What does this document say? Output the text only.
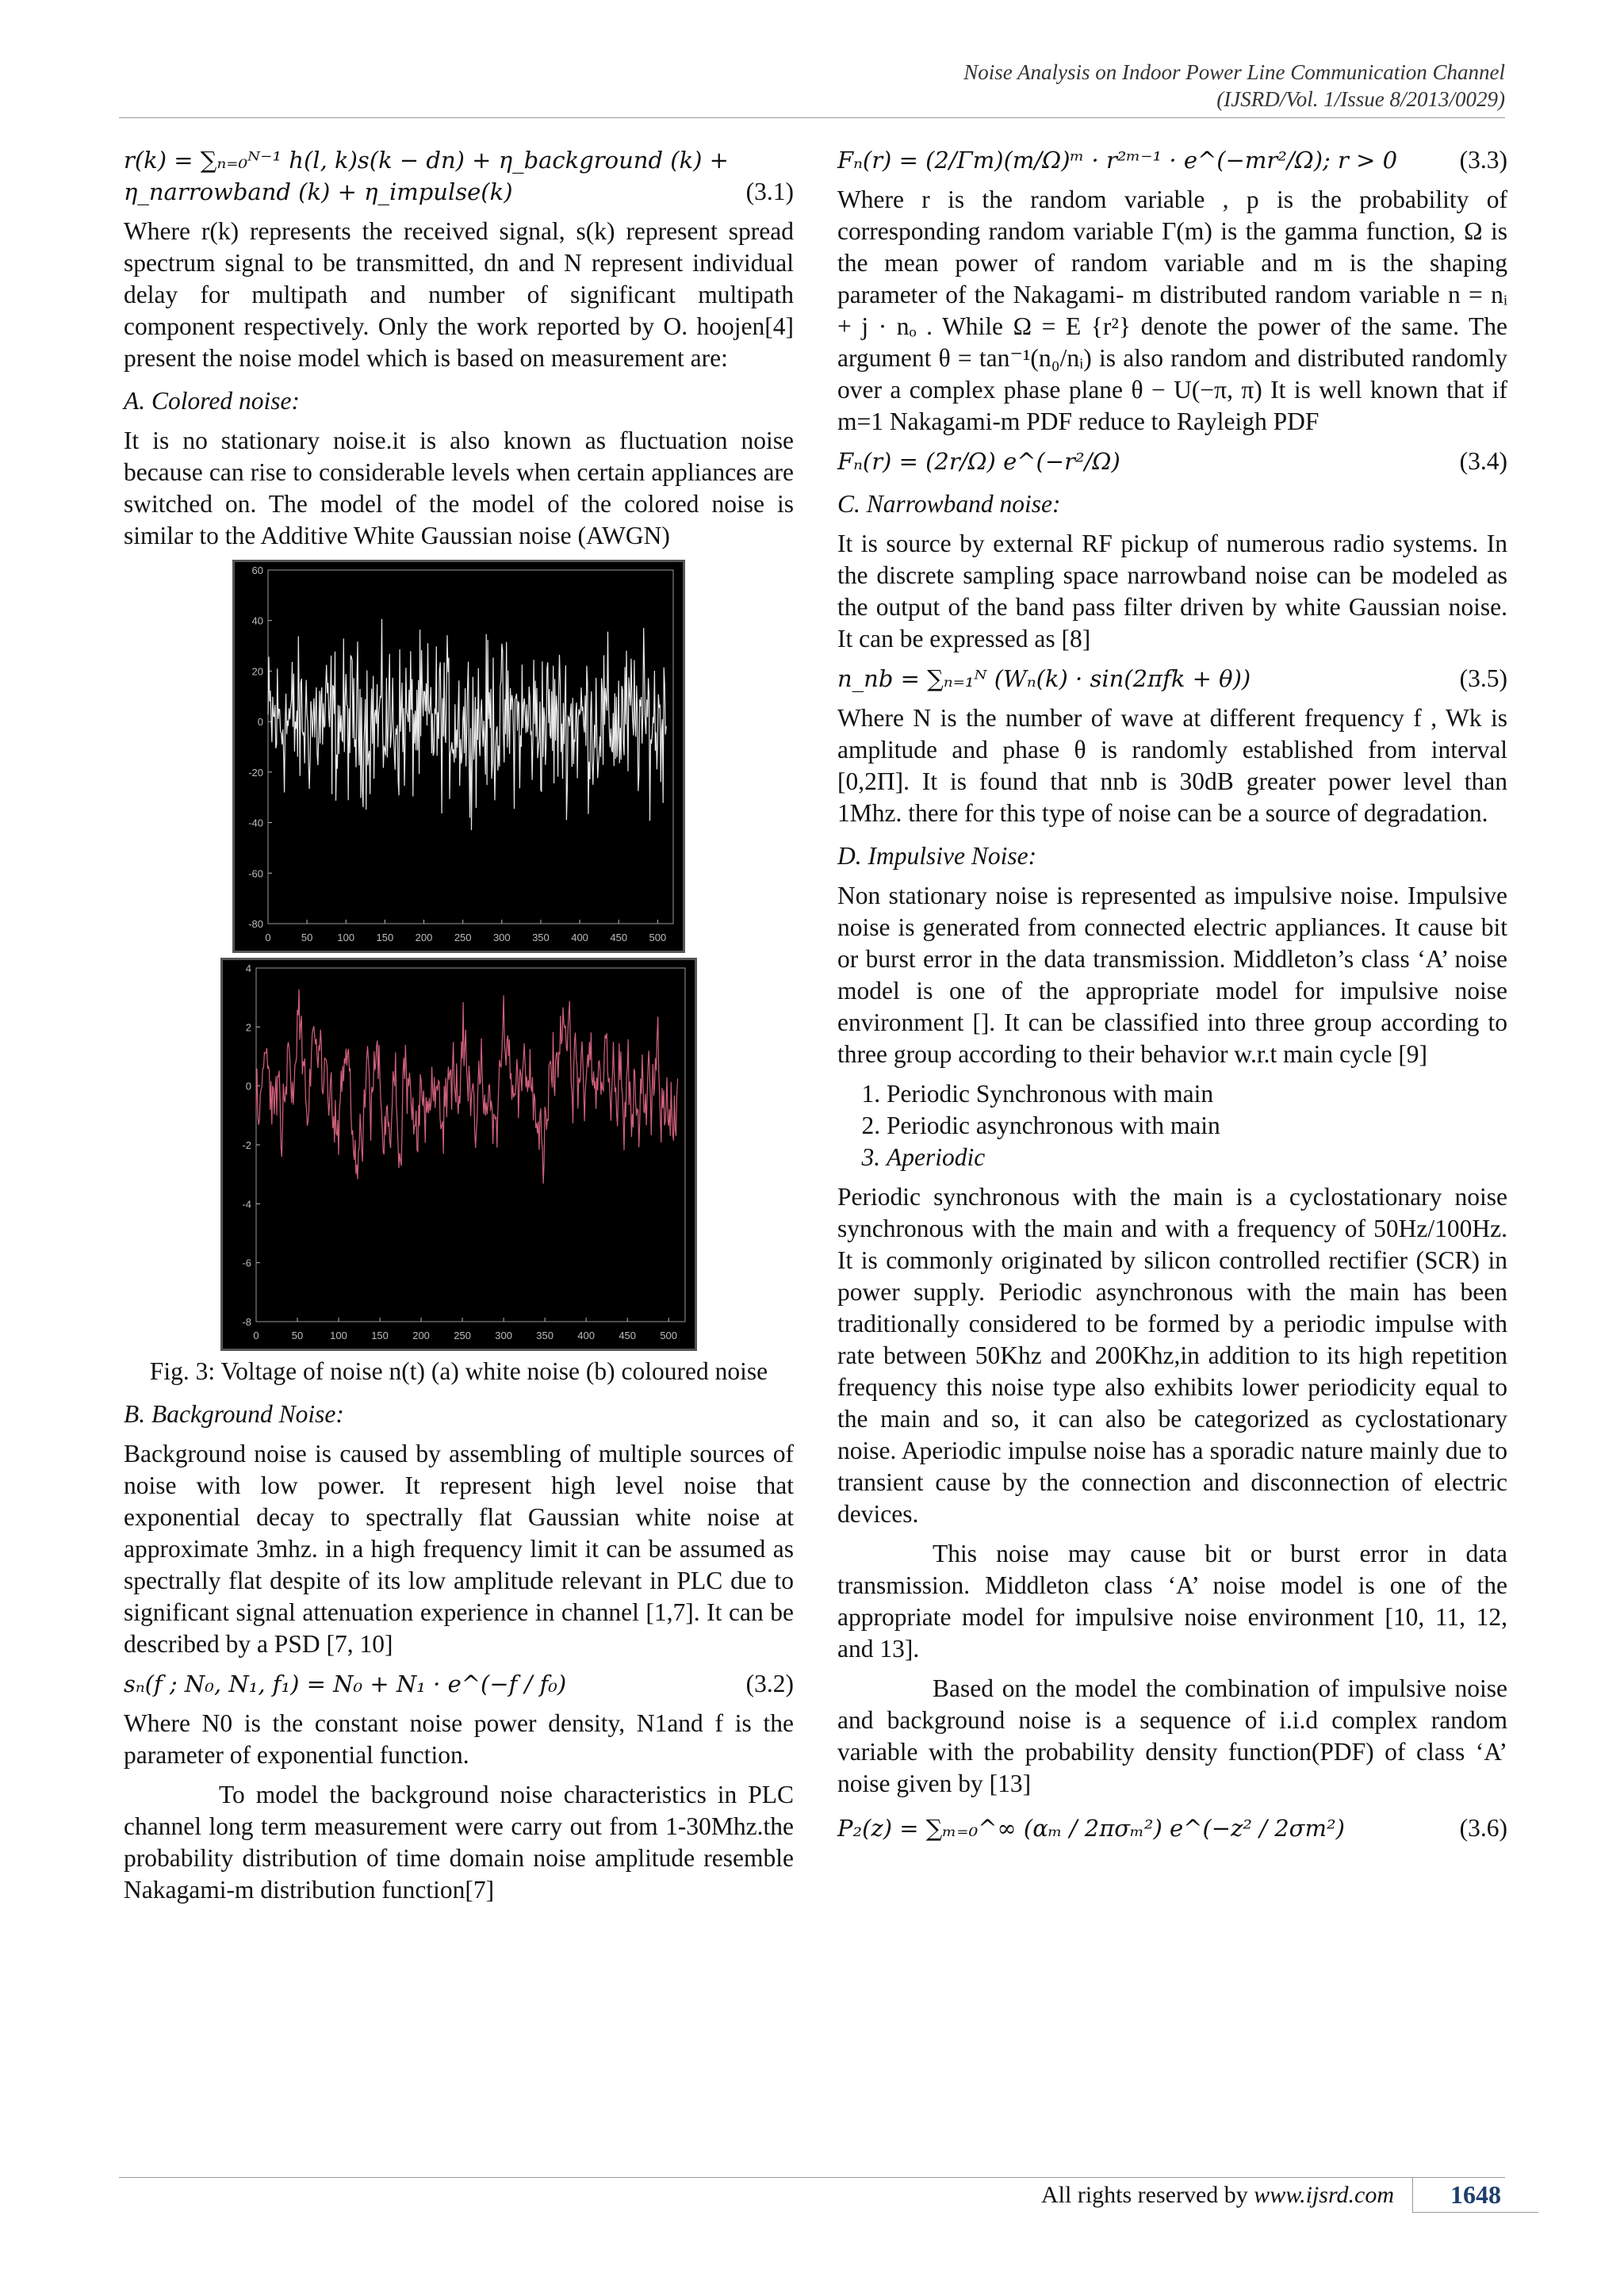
Noise Analysis on Indoor Power Line Communication Channel
(IJSRD/Vol. 1/Issue 8/2013/0029)
r(k) = ∑ₙ₌₀ᴺ⁻¹ h(l, k)s(k − dn) + η_background (k) +
η_narrowband (k) + η_impulse(k)	(3.1)

Where r(k) represents the received signal, s(k) represent spread spectrum signal to be transmitted, dn and N represent individual delay for multipath and number of significant multipath component respectively. Only the work reported by O. hoojen[4] present the noise model which is based on measurement are:

A. Colored noise:

It is no stationary noise.it is also known as fluctuation noise because can rise to considerable levels when certain appliances are switched on. The model of the model of the colored noise is similar to the Additive White Gaussian noise (AWGN)

60
40
20
0
-20
-40
-60
-80
0	50 100 150 200 250 300 350 400 450 500
4
2
0
-2
-4
-6
-8
0	50	100 150 200 250 300 350 400 450 500
Fig. 3: Voltage of noise n(t) (a) white noise (b) coloured noise
B. Background Noise:

Background noise is caused by assembling of multiple sources of noise with low power. It represent high level noise that exponential decay to spectrally flat Gaussian white noise at approximate 3mhz. in a high frequency limit it can be assumed as spectrally flat despite of its low amplitude relevant in PLC due to significant signal attenuation experience in channel [1,7]. It can be described by a PSD [7, 10]

sₙ(f ; N₀, N₁, f₁) = N₀ + N₁ · e^(−f / f₀)	(3.2)

Where N0 is the constant noise power density, N1and f is the parameter of exponential function.

To model the background noise characteristics in PLC channel long term measurement were carry out from 1-30Mhz.the probability distribution of time domain noise amplitude resemble Nakagami-m distribution function[7]

Fₙ(r) = (2/Γm)(m/Ω)ᵐ · r²ᵐ⁻¹ · e^(−mr²/Ω); r > 0 (3.3)

Where r is the random variable , p is the probability of corresponding random variable Γ(m) is the gamma function, Ω is the mean power of random variable and m is the shaping parameter of the Nakagami- m distributed random variable n = nᵢ + j · nₒ . While Ω = E {r²} denote the power of the same. The argument θ = tan⁻¹(n₀/nᵢ) is also random and distributed randomly over a complex phase plane θ − U(−π, π) It is well known that if m=1 Nakagami-m PDF reduce to Rayleigh PDF

Fₙ(r) = (2r/Ω) e^(−r²/Ω)	(3.4)
C. Narrowband noise:

It is source by external RF pickup of numerous radio systems. In the discrete sampling space narrowband noise can be modeled as the output of the band pass filter driven by white Gaussian noise. It can be expressed as [8]

n_nb = ∑ₙ₌₁ᴺ (Wₙ(k) · sin(2πfk + θ))	(3.5)

Where N is the number of wave at different frequency f , Wk is amplitude and phase θ is randomly established from interval [0,2Π]. It is found that nnb is 30dB greater power level than 1Mhz. there for this type of noise can be a source of degradation.

D. Impulsive Noise:

Non stationary noise is represented as impulsive noise. Impulsive noise is generated from connected electric appliances. It cause bit or burst error in the data transmission. Middleton’s class ‘A’ noise model is one of the appropriate model for impulsive noise environment []. It can be classified into three group according to three group according to their behavior w.r.t main cycle [9]

1. Periodic Synchronous with main
2. Periodic asynchronous with main
3. Aperiodic

Periodic synchronous with the main is a cyclostationary noise synchronous with the main and with a frequency of 50Hz/100Hz. It is commonly originated by silicon controlled rectifier (SCR) in power supply. Periodic asynchronous with the main has been traditionally considered to be formed by a periodic impulse with rate between 50Khz and 200Khz,in addition to its high repetition frequency this noise type also exhibits lower periodicity equal to the main and so, it can also be categorized as cyclostationary noise. Aperiodic impulse noise has a sporadic nature mainly due to transient cause by the connection and disconnection of electric devices.

This noise may cause bit or burst error in data transmission. Middleton class ‘A’ noise model is one of the appropriate model for impulsive noise environment [10, 11, 12, and 13].

Based on the model the combination of impulsive noise and background noise is a sequence of i.i.d complex random variable with the probability density function(PDF) of class ‘A’ noise given by [13]

P₂(z) = ∑ₘ₌₀^∞ (αₘ / 2πσₘ²) e^(−z² / 2σm²)	(3.6)
All rights reserved by www.ijsrd.com	1648
